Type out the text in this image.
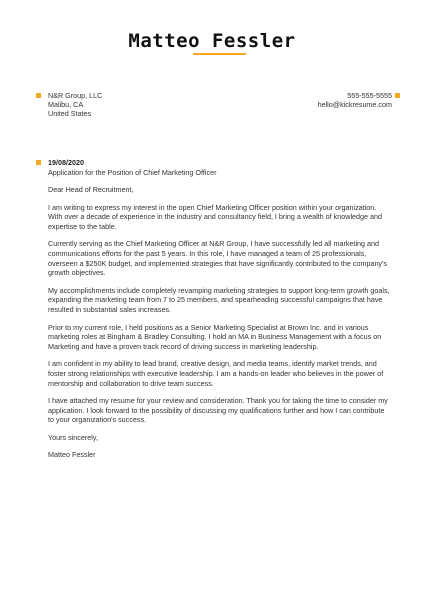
Matteo Fessler
N&R Group, LLC
Malibu, CA
United States
555-555-5555
hello@kickresume.com
19/08/2020
Application for the Position of Chief Marketing Officer

Dear Head of Recruitment,

I am writing to express my interest in the open Chief Marketing Officer position within your organization. With over a decade of experience in the industry and consultancy field, I bring a wealth of knowledge and expertise to the table.

Currently serving as the Chief Marketing Officer at N&R Group, I have successfully led all marketing and communications efforts for the past 5 years. In this role, I have managed a team of 25 professionals, overseen a $250K budget, and implemented strategies that have significantly contributed to the company's growth objectives.

My accomplishments include completely revamping marketing strategies to support long-term growth goals, expanding the marketing team from 7 to 25 members, and spearheading successful campaigns that have resulted in substantial sales increases.

Prior to my current role, I held positions as a Senior Marketing Specialist at Brown Inc. and in various marketing roles at Bingham & Bradley Consulting. I hold an MA in Business Management with a focus on Marketing and have a proven track record of driving success in marketing leadership.

I am confident in my ability to lead brand, creative design, and media teams, identify market trends, and foster strong relationships with executive leadership. I am a hands-on leader who believes in the power of mentorship and collaboration to drive team success.

I have attached my resume for your review and consideration. Thank you for taking the time to consider my application. I look forward to the possibility of discussing my qualifications further and how I can contribute to your organization's success.

Yours sincerely,

Matteo Fessler
